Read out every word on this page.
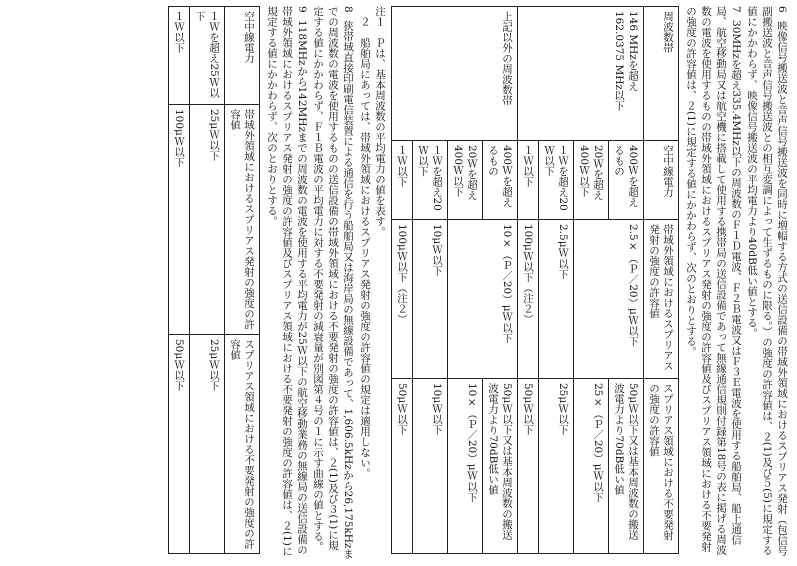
6 映像信号搬送波と音声信号搬送波を同時に増幅する方式の送信設備の帯域外領域におけるスプリアス発射（包信号副搬送波と音声信号搬送波との相互変調によって生ずるものに限る。）の強度の許容値は、２(1)及び５(5)に規定する値にかかわらず、映像信号搬送波の平均電力より40dB低い値とする。

7 30MHzを超え335.4MHz以下の周波数のＦ１Ｄ電波、Ｆ２Ｂ電波又はＦ３Ｅ電波を使用する船舶局、船上通信局、航空移動局又は航空機に搭載して使用する携帯局の送信設備であって無線通信規則付録第18号の表に掲げる周波数の電波を使用するものの帯域外領域におけるスプリアス発射の強度の許容値及びスプリアス領域における不要発射の強度の許容値は、２(1)に規定する値にかかわらず、次のとおりとする。

周波数帯	空中線電力	帯域外領域におけるスプリアス発射の強度の許容値	スプリアス領域における不要発射の強度の許容値
146 MHzを超え162.0375 MHz以下	400Ｗを超えるもの	2.5×（Ｐ／20）μＷ以下	50μＷ以下又は基本周波数の搬送波電力より70dB低い値
20Ｗを超え400Ｗ以下	25×（Ｐ／20）μＷ以下
１Ｗを超え20Ｗ以下	2.5μＷ以下	25μＷ以下
１Ｗ以下	100μＷ以下（注２）	50μＷ以下
上記以外の周波数帯	400Ｗを超えるもの	10×（Ｐ／20）μＷ以下	50μＷ以下又は基本周波数の搬送波電力より70dB低い値
20Ｗを超え400Ｗ以下	10×（Ｐ／20）μＷ以下
１Ｗを超え20Ｗ以下	10μＷ以下	10μＷ以下
１Ｗ以下	100μＷ以下（注２）	50μＷ以下
注１　Ｐは、基本周波数の平均電力の値を表す。
　２　船舶局にあっては、帯域外領域におけるスプリアス発射の強度の許容値の規定は適用しない。

8 狭帯域直接印刷電信装置による通信を行う船舶局又は海岸局の無線設備であって、1,606.5kHzから26,175kHzまでの周波数の電波を使用するものの送信設備の帯域外領域における不要発射の強度の許容値は、２(1)及び３(1)に規定する値にかかわらず、Ｆ１Ｂ電波の平均電力に対する不要発射の減衰量が別図第４号の１に示す曲線の値とする。

9 118MHzから142MHzまでの周波数の電波を使用する平均電力が25Ｗ以下の航空移動業務の無線局の送信設備の帯域外領域におけるスプリアス発射の強度の許容値及びスプリアス領域における不要発射の強度の許容値は、２(1)に規定する値にかかわらず、次のとおりとする。

空中線電力	帯域外領域におけるスプリアス発射の強度の許容値	スプリアス領域における不要発射の強度の許容値
１Ｗを超え25Ｗ以下	25μＷ以下	25μＷ以下
１Ｗ以下	100μＷ以下	50μＷ以下
